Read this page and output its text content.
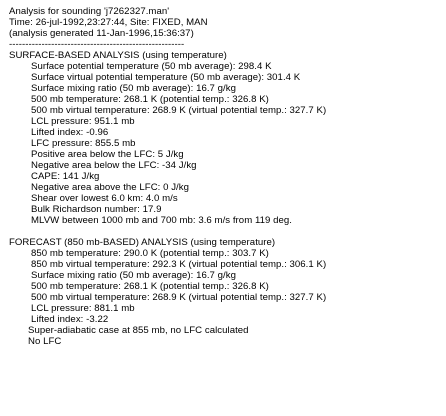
Analysis for sounding 'j7262327.man'
Time: 26-jul-1992,23:27:44, Site: FIXED, MAN
(analysis generated 11-Jan-1996,15:36:37)
------------------------------------------------------
SURFACE-BASED ANALYSIS (using temperature)
Surface potential temperature (50 mb average): 298.4 K
Surface virtual potential temperature (50 mb average): 301.4 K
Surface mixing ratio (50 mb average): 16.7 g/kg
500 mb temperature: 268.1 K (potential temp.: 326.8 K)
500 mb virtual temperature: 268.9 K (virtual potential temp.: 327.7 K)
LCL pressure: 951.1 mb
Lifted index: -0.96
LFC pressure: 855.5 mb
Positive area below the LFC: 5 J/kg
Negative area below the LFC: -34 J/kg
CAPE: 141 J/kg
Negative area above the LFC: 0 J/kg
Shear over lowest 6.0 km: 4.0 m/s
Bulk Richardson number: 17.9
MLVW between 1000 mb and 700 mb: 3.6 m/s from 119 deg.
FORECAST (850 mb-BASED) ANALYSIS (using temperature)
850 mb temperature: 290.0 K (potential temp.: 303.7 K)
850 mb virtual temperature: 292.3 K (virtual potential temp.: 306.1 K)
Surface mixing ratio (50 mb average): 16.7 g/kg
500 mb temperature: 268.1 K (potential temp.: 326.8 K)
500 mb virtual temperature: 268.9 K (virtual potential temp.: 327.7 K)
LCL pressure: 881.1 mb
Lifted index: -3.22
Super-adiabatic case at 855 mb, no LFC calculated
No LFC
